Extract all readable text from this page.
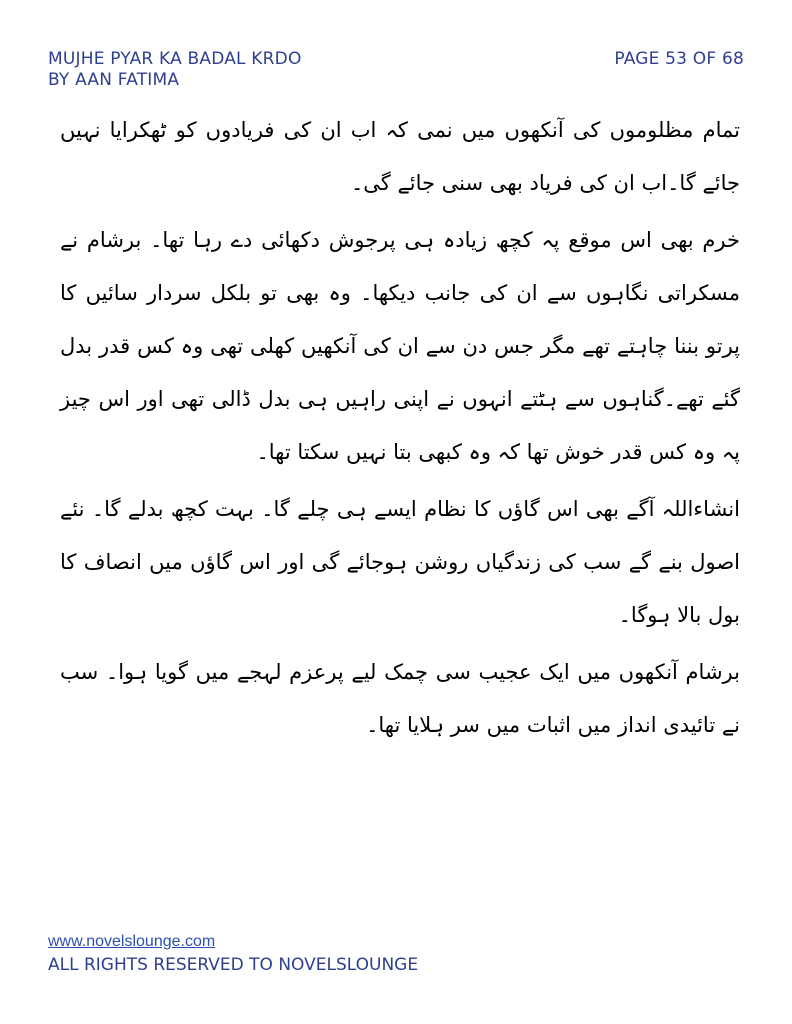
MUJHE PYAR KA BADAL KRDO
BY AAN FATIMA
PAGE 53 OF 68

تمام مظلوموں کی آنکھوں میں نمی کہ اب ان کی فریادوں کو ٹھکرایا نہیں جائے گا۔اب ان کی فریاد بھی سنی جائے گی۔

خرم بھی اس موقع پہ کچھ زیادہ ہی پرجوش دکھائی دے رہا تھا۔ برشام نے مسکراتی نگاہوں سے ان کی جانب دیکھا۔ وہ بھی تو بلکل سردار سائیں کا پرتو بننا چاہتے تھے مگر جس دن سے ان کی آنکھیں کھلی تھی وہ کس قدر بدل گئے تھے۔گناہوں سے ہٹتے انہوں نے اپنی راہیں ہی بدل ڈالی تھی اور اس چیز پہ وہ کس قدر خوش تھا کہ وہ کبھی بتا نہیں سکتا تھا۔

انشاءاللہ آگے بھی اس گاؤں کا نظام ایسے ہی چلے گا۔ بہت کچھ بدلے گا۔ نئے اصول بنے گے سب کی زندگیاں روشن ہوجائے گی اور اس گاؤں میں انصاف کا بول بالا ہوگا۔

برشام آنکھوں میں ایک عجیب سی چمک لیے پرعزم لہجے میں گویا ہوا۔ سب نے تائیدی انداز میں اثبات میں سر ہلایا تھا۔

www.novelslounge.com
ALL RIGHTS RESERVED TO NOVELSLOUNGE
